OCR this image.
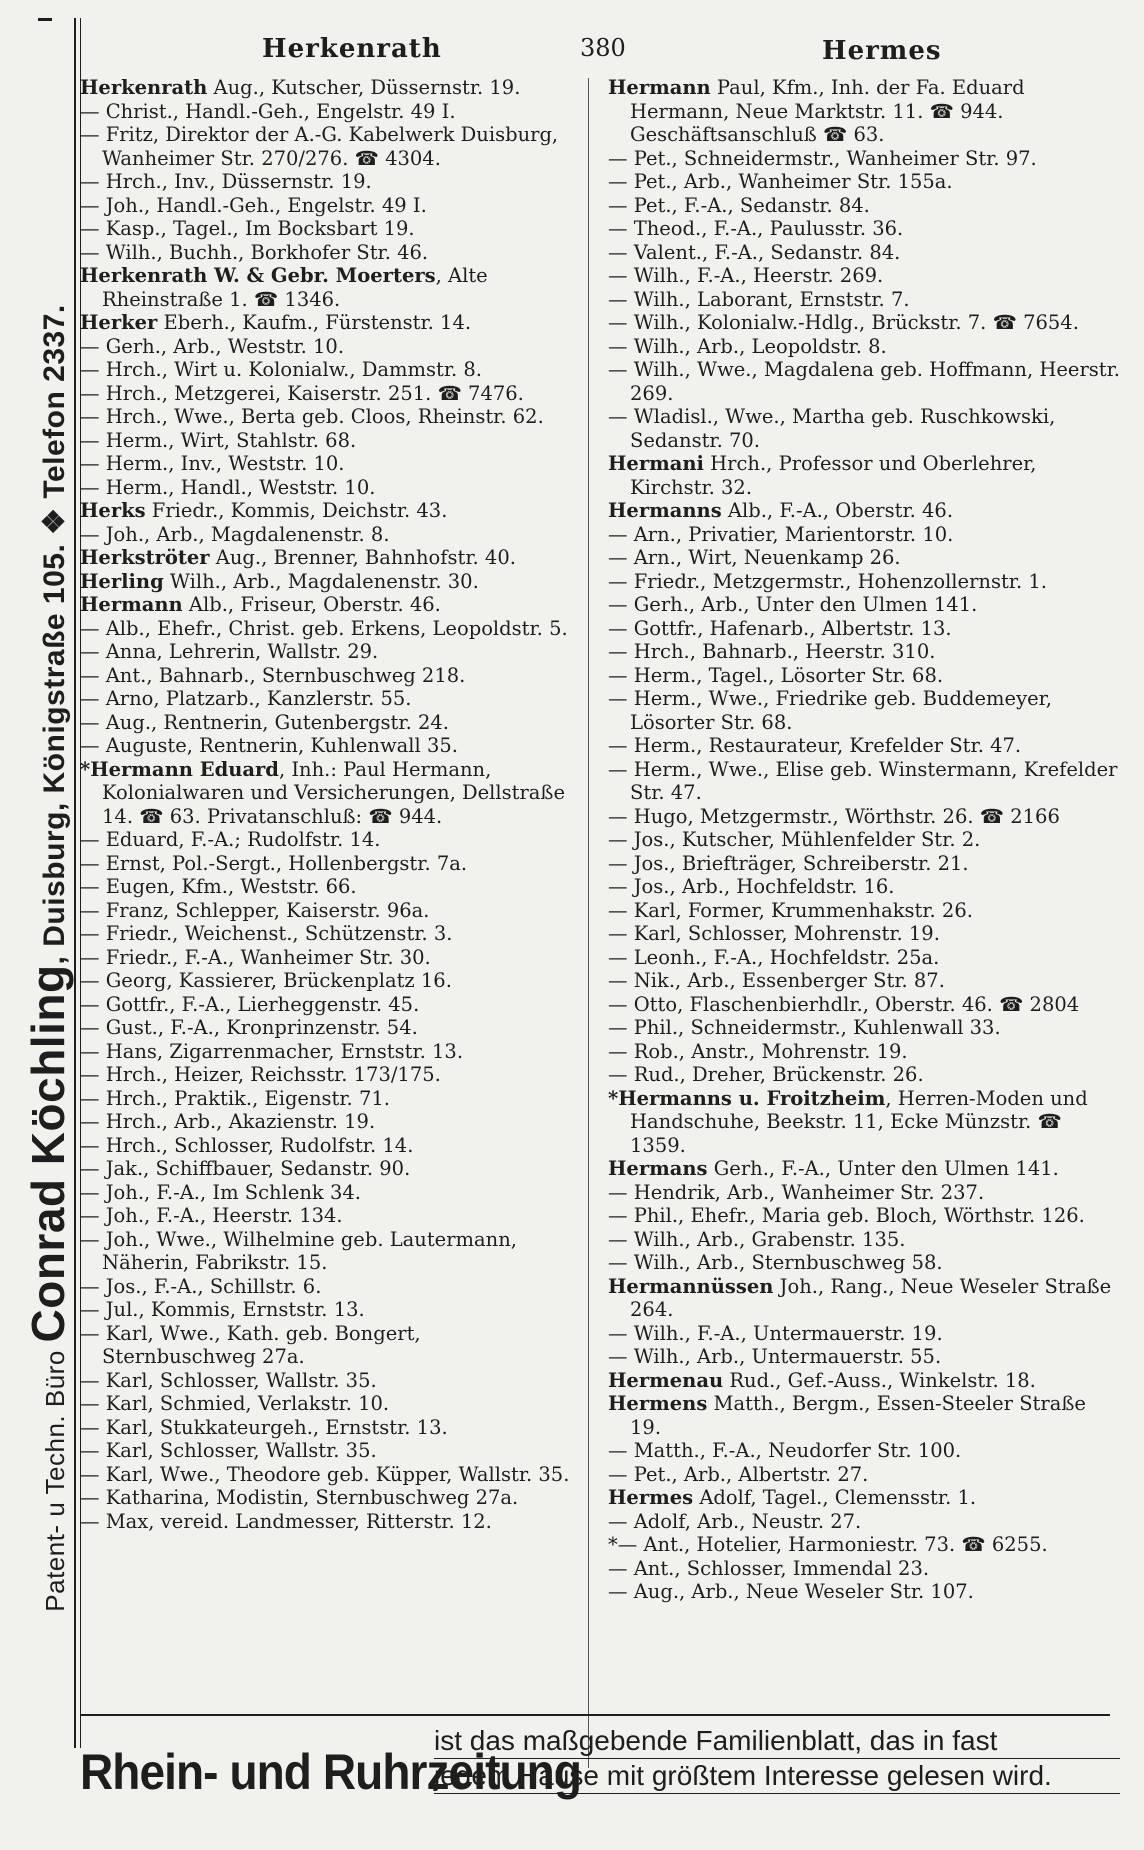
Patent- u Techn. Büro Conrad Köchling, Duisburg, Königstraße 105. ❖ Telefon 2337.
Herkenrath	380	Hermes
Herkenrath Aug., Kutscher, Düssernstr. 19.
— Christ., Handl.-Geh., Engelstr. 49 I.
— Fritz, Direktor der A.-G. Kabelwerk Duisburg, Wanheimer Str. 270/276. ☎ 4304.
— Hrch., Inv., Düssernstr. 19.
— Joh., Handl.-Geh., Engelstr. 49 I.
— Kasp., Tagel., Im Bocksbart 19.
— Wilh., Buchh., Borkhofer Str. 46.
Herkenrath W. & Gebr. Moerters, Alte Rheinstraße 1. ☎ 1346.
Herker Eberh., Kaufm., Fürstenstr. 14.
— Gerh., Arb., Weststr. 10.
— Hrch., Wirt u. Kolonialw., Dammstr. 8.
— Hrch., Metzgerei, Kaiserstr. 251. ☎ 7476.
— Hrch., Wwe., Berta geb. Cloos, Rheinstr. 62.
— Herm., Wirt, Stahlstr. 68.
— Herm., Inv., Weststr. 10.
— Herm., Handl., Weststr. 10.
Herks Friedr., Kommis, Deichstr. 43.
— Joh., Arb., Magdalenenstr. 8.
Herkströter Aug., Brenner, Bahnhofstr. 40.
Herling Wilh., Arb., Magdalenenstr. 30.
Hermann Alb., Friseur, Oberstr. 46.
— Alb., Ehefr., Christ. geb. Erkens, Leopoldstr. 5.
— Anna, Lehrerin, Wallstr. 29.
— Ant., Bahnarb., Sternbuschweg 218.
— Arno, Platzarb., Kanzlerstr. 55.
— Aug., Rentnerin, Gutenbergstr. 24.
— Auguste, Rentnerin, Kuhlenwall 35.
*Hermann Eduard, Inh.: Paul Hermann, Kolonialwaren und Versicherungen, Dellstraße 14. ☎ 63. Privatanschluß: ☎ 944.
— Eduard, F.-A.; Rudolfstr. 14.
— Ernst, Pol.-Sergt., Hollenbergstr. 7a.
— Eugen, Kfm., Weststr. 66.
— Franz, Schlepper, Kaiserstr. 96a.
— Friedr., Weichenst., Schützenstr. 3.
— Friedr., F.-A., Wanheimer Str. 30.
— Georg, Kassierer, Brückenplatz 16.
— Gottfr., F.-A., Lierheggenstr. 45.
— Gust., F.-A., Kronprinzenstr. 54.
— Hans, Zigarrenmacher, Ernststr. 13.
— Hrch., Heizer, Reichsstr. 173/175.
— Hrch., Praktik., Eigenstr. 71.
— Hrch., Arb., Akazienstr. 19.
— Hrch., Schlosser, Rudolfstr. 14.
— Jak., Schiffbauer, Sedanstr. 90.
— Joh., F.-A., Im Schlenk 34.
— Joh., F.-A., Heerstr. 134.
— Joh., Wwe., Wilhelmine geb. Lautermann, Näherin, Fabrikstr. 15.
— Jos., F.-A., Schillstr. 6.
— Jul., Kommis, Ernststr. 13.
— Karl, Wwe., Kath. geb. Bongert, Sternbuschweg 27a.
— Karl, Schlosser, Wallstr. 35.
— Karl, Schmied, Verlakstr. 10.
— Karl, Stukkateurgeh., Ernststr. 13.
— Karl, Schlosser, Wallstr. 35.
— Karl, Wwe., Theodore geb. Küpper, Wallstr. 35.
— Katharina, Modistin, Sternbuschweg 27a.
— Max, vereid. Landmesser, Ritterstr. 12.
Hermann Paul, Kfm., Inh. der Fa. Eduard Hermann, Neue Marktstr. 11. ☎ 944. Geschäftsanschluß ☎ 63.
— Pet., Schneidermstr., Wanheimer Str. 97.
— Pet., Arb., Wanheimer Str. 155a.
— Pet., F.-A., Sedanstr. 84.
— Theod., F.-A., Paulusstr. 36.
— Valent., F.-A., Sedanstr. 84.
— Wilh., F.-A., Heerstr. 269.
— Wilh., Laborant, Ernststr. 7.
— Wilh., Kolonialw.-Hdlg., Brückstr. 7. ☎ 7654.
— Wilh., Arb., Leopoldstr. 8.
— Wilh., Wwe., Magdalena geb. Hoffmann, Heerstr. 269.
— Wladisl., Wwe., Martha geb. Ruschkowski, Sedanstr. 70.
Hermani Hrch., Professor und Oberlehrer, Kirchstr. 32.
Hermanns Alb., F.-A., Oberstr. 46.
— Arn., Privatier, Marientorstr. 10.
— Arn., Wirt, Neuenkamp 26.
— Friedr., Metzgermstr., Hohenzollernstr. 1.
— Gerh., Arb., Unter den Ulmen 141.
— Gottfr., Hafenarb., Albertstr. 13.
— Hrch., Bahnarb., Heerstr. 310.
— Herm., Tagel., Lösorter Str. 68.
— Herm., Wwe., Friedrike geb. Buddemeyer, Lösorter Str. 68.
— Herm., Restaurateur, Krefelder Str. 47.
— Herm., Wwe., Elise geb. Winstermann, Krefelder Str. 47.
— Hugo, Metzgermstr., Wörthstr. 26. ☎ 2166
— Jos., Kutscher, Mühlenfelder Str. 2.
— Jos., Briefträger, Schreiberstr. 21.
— Jos., Arb., Hochfeldstr. 16.
— Karl, Former, Krummenhakstr. 26.
— Karl, Schlosser, Mohrenstr. 19.
— Leonh., F.-A., Hochfeldstr. 25a.
— Nik., Arb., Essenberger Str. 87.
— Otto, Flaschenbierhdlr., Oberstr. 46. ☎ 2804
— Phil., Schneidermstr., Kuhlenwall 33.
— Rob., Anstr., Mohrenstr. 19.
— Rud., Dreher, Brückenstr. 26.
*Hermanns u. Froitzheim, Herren-Moden und Handschuhe, Beekstr. 11, Ecke Münzstr. ☎ 1359.
Hermans Gerh., F.-A., Unter den Ulmen 141.
— Hendrik, Arb., Wanheimer Str. 237.
— Phil., Ehefr., Maria geb. Bloch, Wörthstr. 126.
— Wilh., Arb., Grabenstr. 135.
— Wilh., Arb., Sternbuschweg 58.
Hermannüssen Joh., Rang., Neue Weseler Straße 264.
— Wilh., F.-A., Untermauerstr. 19.
— Wilh., Arb., Untermauerstr. 55.
Hermenau Rud., Gef.-Auss., Winkelstr. 18.
Hermens Matth., Bergm., Essen-Steeler Straße 19.
— Matth., F.-A., Neudorfer Str. 100.
— Pet., Arb., Albertstr. 27.
Hermes Adolf, Tagel., Clemensstr. 1.
— Adolf, Arb., Neustr. 27.
*— Ant., Hotelier, Harmoniestr. 73. ☎ 6255.
— Ant., Schlosser, Immendal 23.
— Aug., Arb., Neue Weseler Str. 107.
Rhein- und Ruhrzeitung
ist das maßgebende Familienblatt, das in fast
jedem Hause mit größtem Interesse gelesen wird.
